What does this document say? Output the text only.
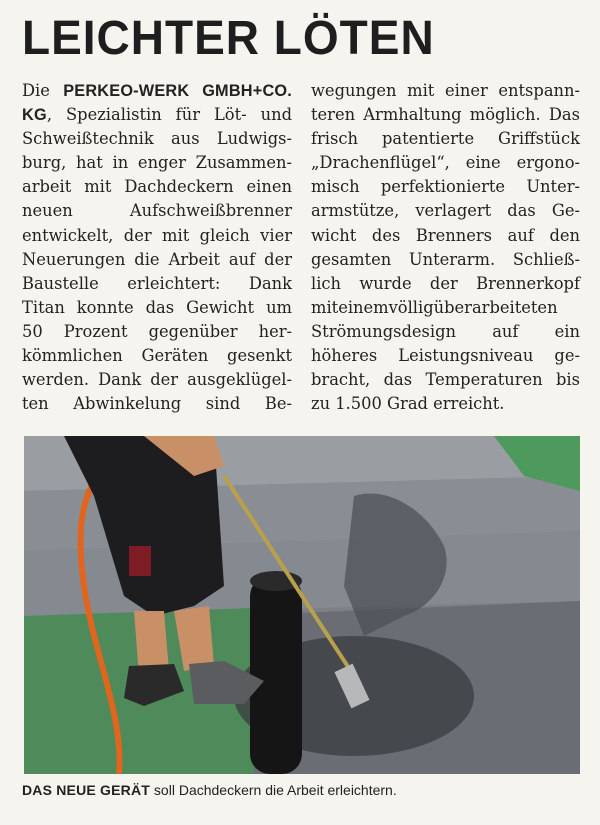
LEICHTER LÖTEN
Die PERKEO-WERK GMBH+CO.
KG, Spezialistin für Löt- und
Schweißtechnik aus Ludwigs-
burg, hat in enger Zusammen-
arbeit mit Dachdeckern einen
neuen Aufschweißbrenner
entwickelt, der mit gleich vier
Neuerungen die Arbeit auf der
Baustelle erleichtert: Dank
Titan konnte das Gewicht um
50 Prozent gegenüber her-
kömmlichen Geräten gesenkt
werden. Dank der ausgeklügel-
ten Abwinkelung sind Be-
wegungen mit einer entspann-
teren Armhaltung möglich. Das
frisch patentierte Griffstück
„Drachenflügel“, eine ergono-
misch perfektionierte Unter-
armstütze, verlagert das Ge-
wicht des Brenners auf den
gesamten Unterarm. Schließ-
lich wurde der Brennerkopf
miteinemvölligüberarbeiteten
Strömungsdesign auf ein
höheres Leistungsniveau ge-
bracht, das Temperaturen bis
zu 1.500 Grad erreicht.
DAS NEUE GERÄT soll Dachdeckern die Arbeit erleichtern.
